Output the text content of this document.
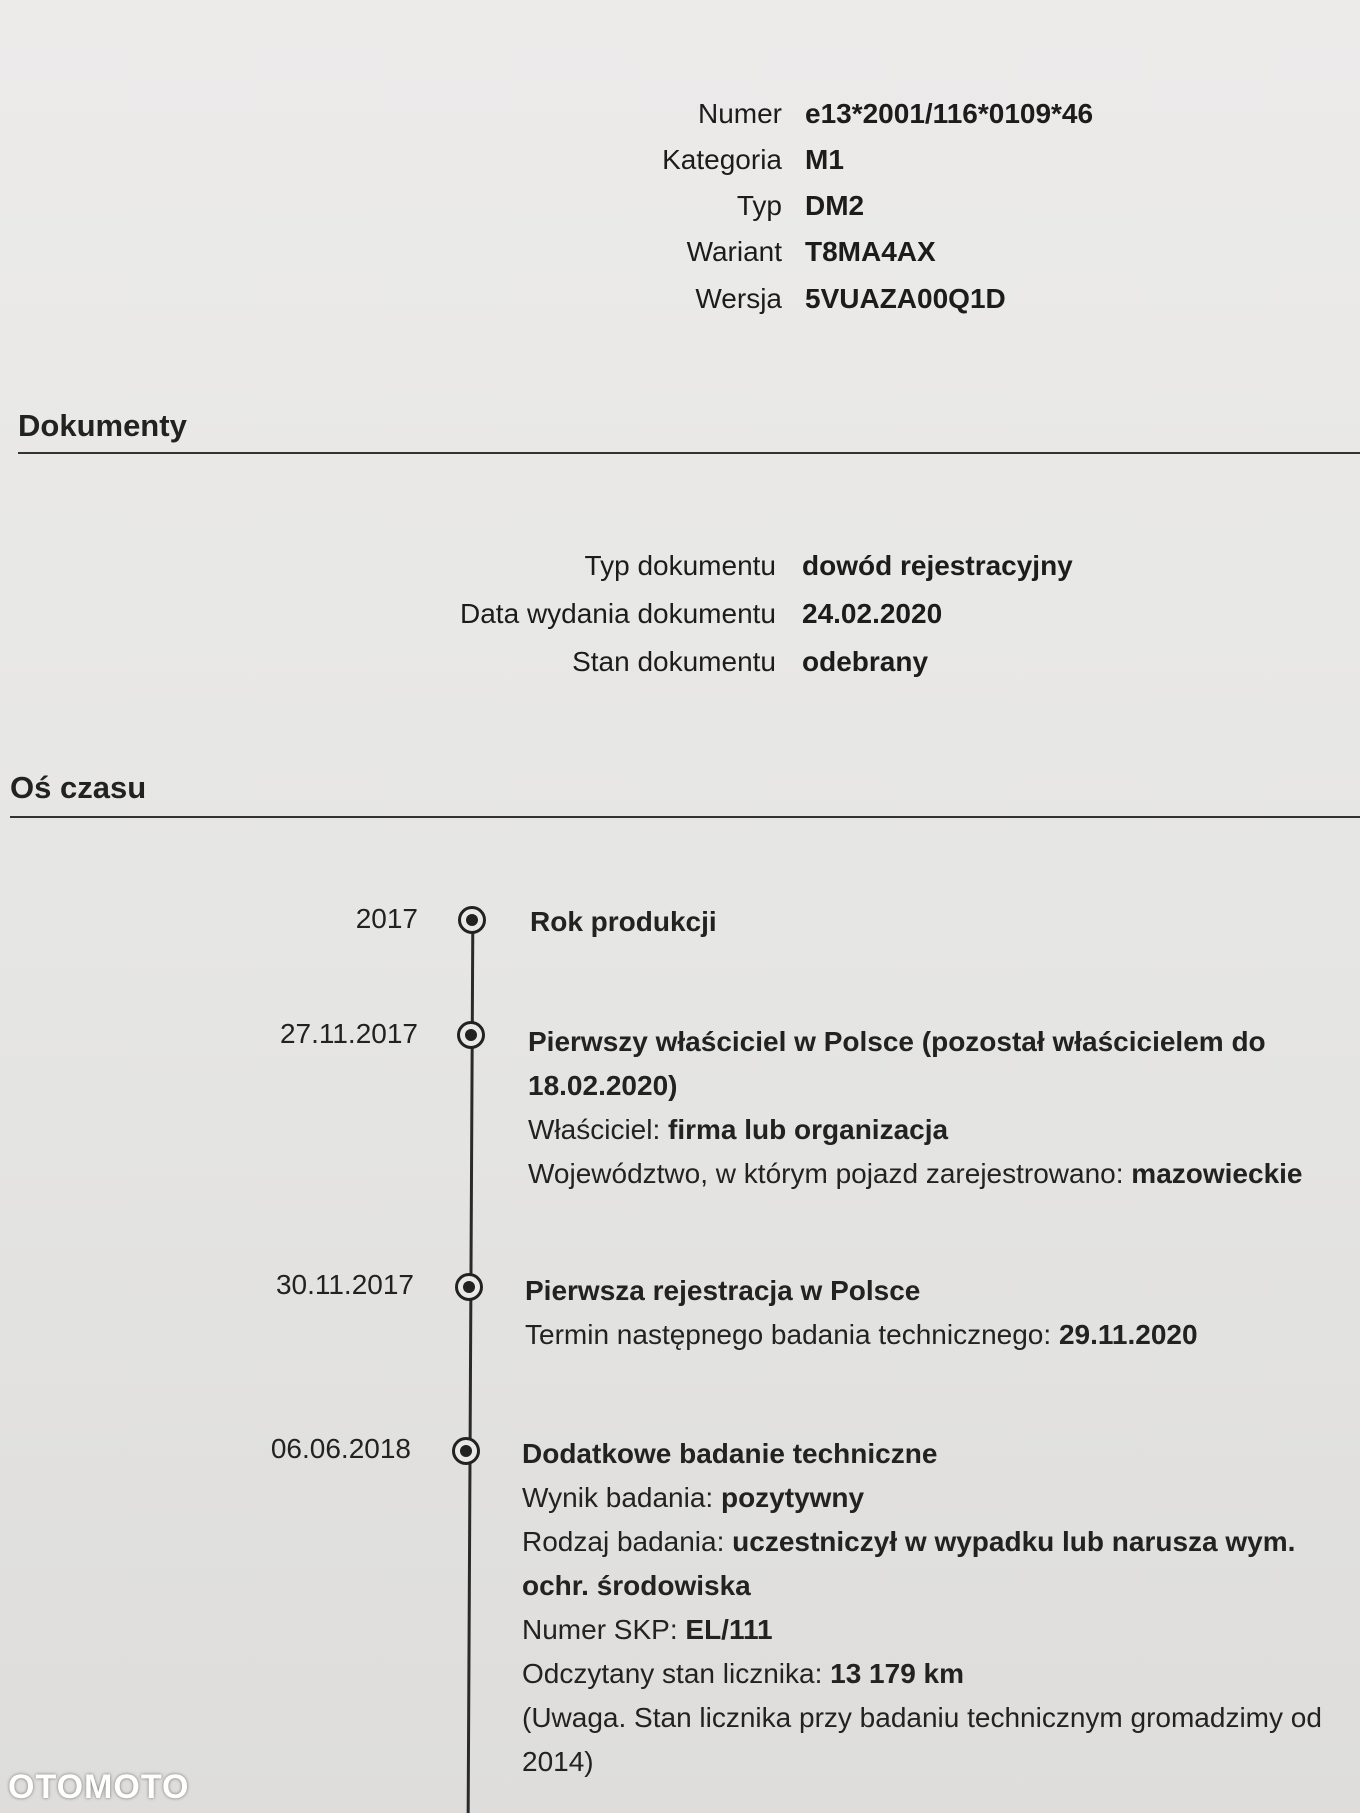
Numer e13*2001/116*0109*46
Kategoria M1
Typ DM2
Wariant T8MA4AX
Wersja 5VUAZA00Q1D
Dokumenty
Typ dokumentu dowód rejestracyjny
Data wydania dokumentu 24.02.2020
Stan dokumentu odebrany
Oś czasu
2017	Rok produkcji
27.11.2017	Pierwszy właściciel w Polsce (pozostał właścicielem do
18.02.2020)
Właściciel: firma lub organizacja
Województwo, w którym pojazd zarejestrowano: mazowieckie
30.11.2017	Pierwsza rejestracja w Polsce
Termin następnego badania technicznego: 29.11.2020
06.06.2018	Dodatkowe badanie techniczne
Wynik badania: pozytywny
Rodzaj badania: uczestniczył w wypadku lub narusza wym.
ochr. środowiska
Numer SKP: EL/111
Odczytany stan licznika: 13 179 km
(Uwaga. Stan licznika przy badaniu technicznym gromadzimy od
2014)
OTOMOTO
